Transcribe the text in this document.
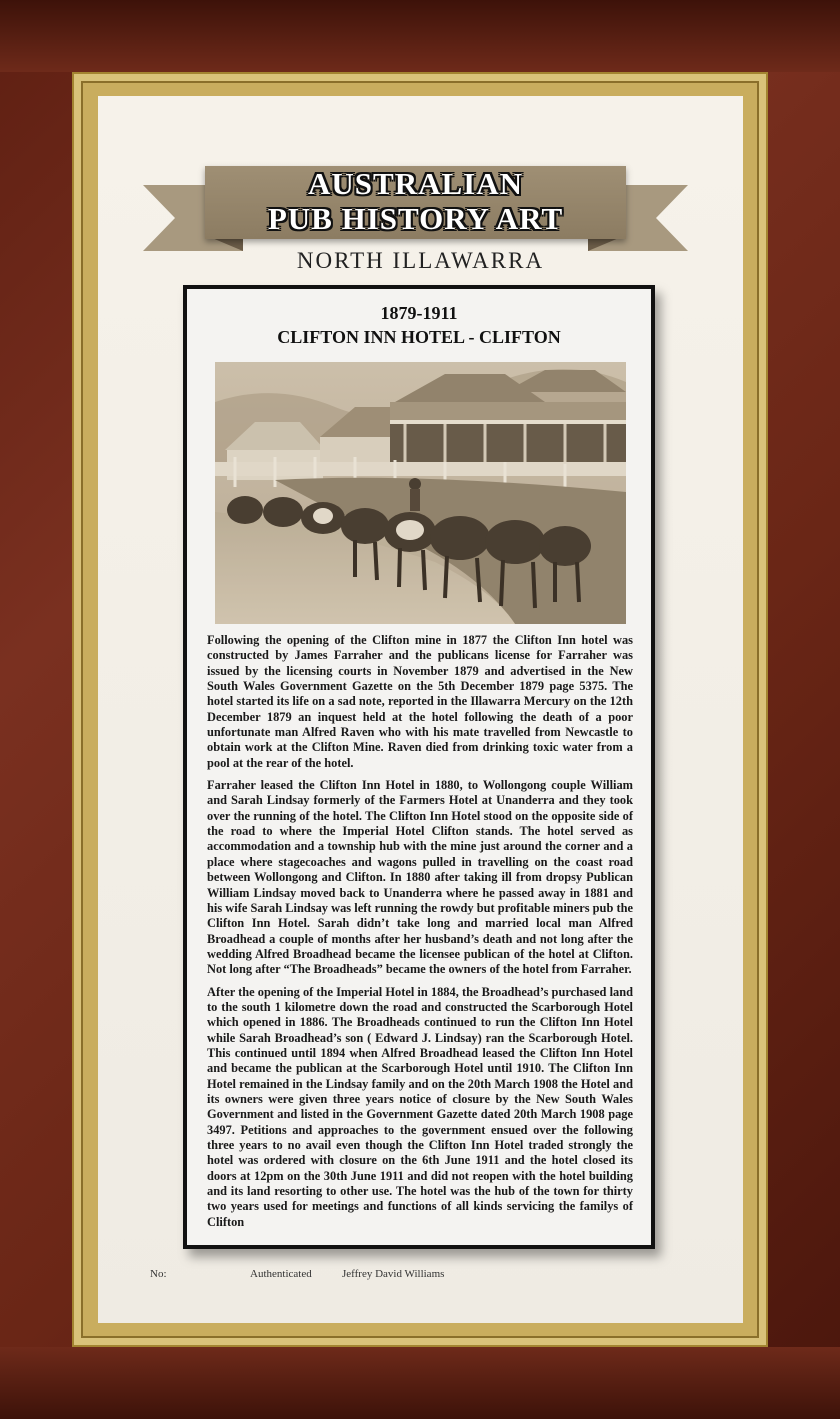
AUSTRALIAN
PUB HISTORY ART
NORTH ILLAWARRA
1879-1911
CLIFTON INN HOTEL - CLIFTON

Following the opening of the Clifton mine in 1877 the Clifton Inn hotel was constructed by James Farraher and the publicans license for Farraher was issued by the licensing courts in November 1879 and advertised in the New South Wales Government Gazette on the 5th December 1879 page 5375. The hotel started its life on a sad note, reported in the Illawarra Mercury on the 12th December 1879 an inquest held at the hotel following the death of a poor unfortunate man Alfred Raven who with his mate travelled from Newcastle to obtain work at the Clifton Mine. Raven died from drinking toxic water from a pool at the rear of the hotel.

Farraher leased the Clifton Inn Hotel in 1880, to Wollongong couple William and Sarah Lindsay formerly of the Farmers Hotel at Unanderra and they took over the running of the hotel. The Clifton Inn Hotel stood on the opposite side of the road to where the Imperial Hotel Clifton stands. The hotel served as accommodation and a township hub with the mine just around the corner and a place where stagecoaches and wagons pulled in travelling on the coast road between Wollongong and Clifton. In 1880 after taking ill from dropsy Publican William Lindsay moved back to Unanderra where he passed away in 1881 and his wife Sarah Lindsay was left running the rowdy but profitable miners pub the Clifton Inn Hotel. Sarah didn’t take long and married local man Alfred Broadhead a couple of months after her husband’s death and not long after the wedding Alfred Broadhead became the licensee publican of the hotel at Clifton. Not long after “The Broadheads” became the owners of the hotel from Farraher.

After the opening of the Imperial Hotel in 1884, the Broadhead’s purchased land to the south 1 kilometre down the road and constructed the Scarborough Hotel which opened in 1886. The Broadheads continued to run the Clifton Inn Hotel while Sarah Broadhead’s son ( Edward J. Lindsay) ran the Scarborough Hotel. This continued until 1894 when Alfred Broadhead leased the Clifton Inn Hotel and became the publican at the Scarborough Hotel until 1910. The Clifton Inn Hotel remained in the Lindsay family and on the 20th March 1908 the Hotel and its owners were given three years notice of closure by the New South Wales Government and listed in the Government Gazette dated 20th March 1908 page 3497. Petitions and approaches to the government ensued over the following three years to no avail even though the Clifton Inn Hotel traded strongly the hotel was ordered with closure on the 6th June 1911 and the hotel closed its doors at 12pm on the 30th June 1911 and did not reopen with the hotel building and its land resorting to other use. The hotel was the hub of the town for thirty two years used for meetings and functions of all kinds servicing the familys of Clifton

No:	Authenticated	Jeffrey David Williams
